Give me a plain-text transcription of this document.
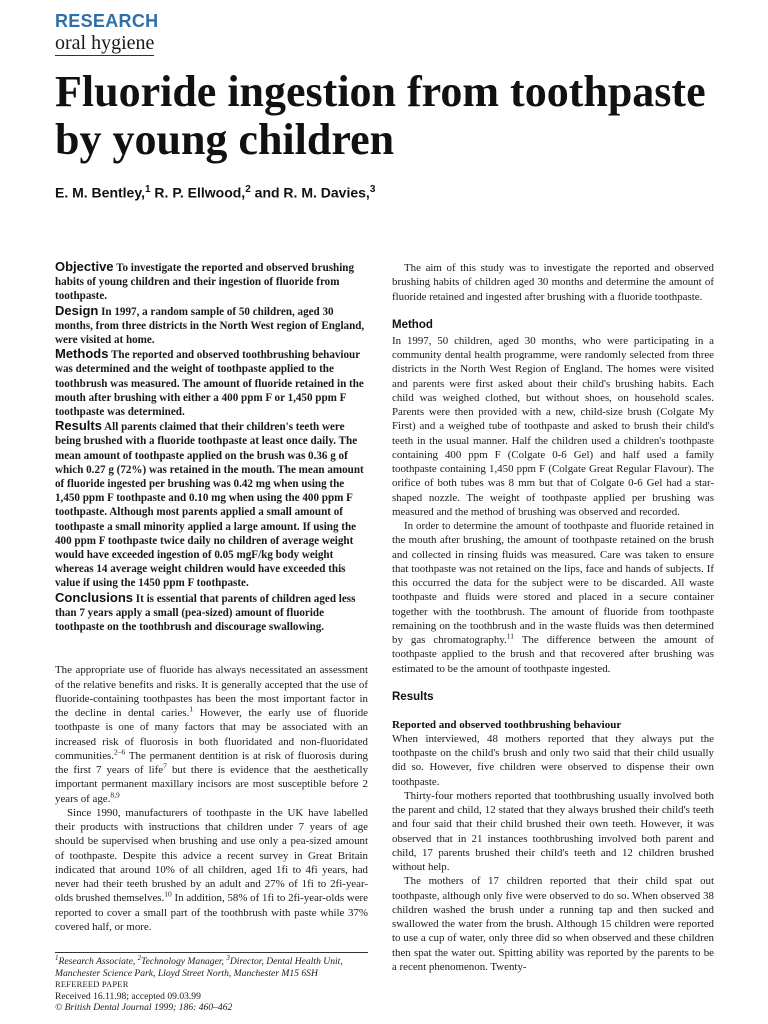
RESEARCH
oral hygiene
Fluoride ingestion from toothpaste by young children
E. M. Bentley,$^1$ R. P. Ellwood,$^2$ and R. M. Davies,$^3$

Objective To investigate the reported and observed brushing habits of young children and their ingestion of fluoride from toothpaste.

Design In 1997, a random sample of 50 children, aged 30 months, from three districts in the North West region of England, were visited at home.

Methods The reported and observed toothbrushing behaviour was determined and the weight of toothpaste applied to the toothbrush was measured. The amount of fluoride retained in the mouth after brushing with either a 400 ppm F or 1,450 ppm F toothpaste was determined.

Results All parents claimed that their children's teeth were being brushed with a fluoride toothpaste at least once daily. The mean amount of toothpaste applied on the brush was 0.36 g of which 0.27 g (72%) was retained in the mouth. The mean amount of fluoride ingested per brushing was 0.42 mg when using the 1,450 ppm F toothpaste and 0.10 mg when using the 400 ppm F toothpaste. Although most parents applied a small amount of toothpaste a small minority applied a large amount. If using the 400 ppm F toothpaste twice daily no children of average weight would have exceeded ingestion of 0.05 mgF/kg body weight whereas 14 average weight children would have exceeded this value if using the 1450 ppm F toothpaste.

Conclusions It is essential that parents of children aged less than 7 years apply a small (pea-sized) amount of fluoride toothpaste on the toothbrush and discourage swallowing.

The appropriate use of fluoride has always necessitated an assessment of the relative benefits and risks. It is generally accepted that the use of fluoride-containing toothpastes has been the most important factor in the decline in dental caries.$^1$ However, the early use of fluoride toothpaste is one of many factors that may be associated with an increased risk of fluorosis in both fluoridated and non-fluoridated communities.$^{2-6}$ The permanent dentition is at risk of fluorosis during the first 7 years of life$^7$ but there is evidence that the aesthetically important permanent maxillary incisors are most susceptible before 2 years of age.$^{8,9}$

Since 1990, manufacturers of toothpaste in the UK have labelled their products with instructions that children under 7 years of age should be supervised when brushing and use only a pea-sized amount of toothpaste. Despite this advice a recent survey in Great Britain indicated that around 10% of all children, aged 1fi to 4fi years, had never had their teeth brushed by an adult and 27% of 1fi to 2fi-year-olds brushed themselves.$^{10}$ In addition, 58% of 1fi to 2fi-year-olds were reported to cover a small part of the toothbrush with paste while 37% covered half, or more.

$^1$Research Associate, $^2$Technology Manager, $^3$Director, Dental Health Unit, Manchester Science Park, Lloyd Street North, Manchester M15 6SH
REFEREED PAPER
Received 16.11.98; accepted 09.03.99
© British Dental Journal 1999; 186: 460–462

The aim of this study was to investigate the reported and observed brushing habits of children aged 30 months and determine the amount of fluoride retained and ingested after brushing with a fluoride toothpaste.

Method

In 1997, 50 children, aged 30 months, who were participating in a community dental health programme, were randomly selected from three districts in the North West Region of England. The homes were visited and parents were first asked about their child's brushing habits. Each child was weighed clothed, but without shoes, on household scales. Parents were then provided with a new, child-size brush (Colgate My First) and a weighed tube of toothpaste and asked to brush their child's teeth in the usual manner. Half the children used a children's toothpaste containing 400 ppm F (Colgate 0-6 Gel) and half used a family toothpaste containing 1,450 ppm F (Colgate Great Regular Flavour). The orifice of both tubes was 8 mm but that of Colgate 0-6 Gel had a star-shaped nozzle. The weight of toothpaste applied per brushing was measured and the method of brushing was observed and recorded.

In order to determine the amount of toothpaste and fluoride retained in the mouth after brushing, the amount of toothpaste retained on the brush and collected in rinsing fluids was measured. Care was taken to ensure that toothpaste was not retained on the lips, face and hands of subjects. If this occurred the data for the subject were to be discarded. All waste toothpaste and fluids were stored and placed in a secure container together with the toothbrush. The amount of fluoride from toothpaste remaining on the toothbrush and in the waste fluids was then determined by gas chromatography.$^{11}$ The difference between the amount of toothpaste applied to the brush and that recovered after brushing was estimated to be the amount of toothpaste ingested.

Results
Reported and observed toothbrushing behaviour

When interviewed, 48 mothers reported that they always put the toothpaste on the child's brush and only two said that their child usually did so. However, five children were observed to dispense their own toothpaste.

Thirty-four mothers reported that toothbrushing usually involved both the parent and child, 12 stated that they always brushed their child's teeth and four said that their child brushed their own teeth. However, it was observed that in 21 instances toothbrushing involved both parent and child, 17 parents brushed their child's teeth and 12 children brushed without help.

The mothers of 17 children reported that their child spat out toothpaste, although only five were observed to do so. When observed 38 children washed the brush under a running tap and then sucked and swallowed the water from the brush. Although 15 children were reported to use a cup of water, only three did so when observed and these children then spat the water out. Spitting ability was reported by the parents to be a recent phenomenon. Twenty-
